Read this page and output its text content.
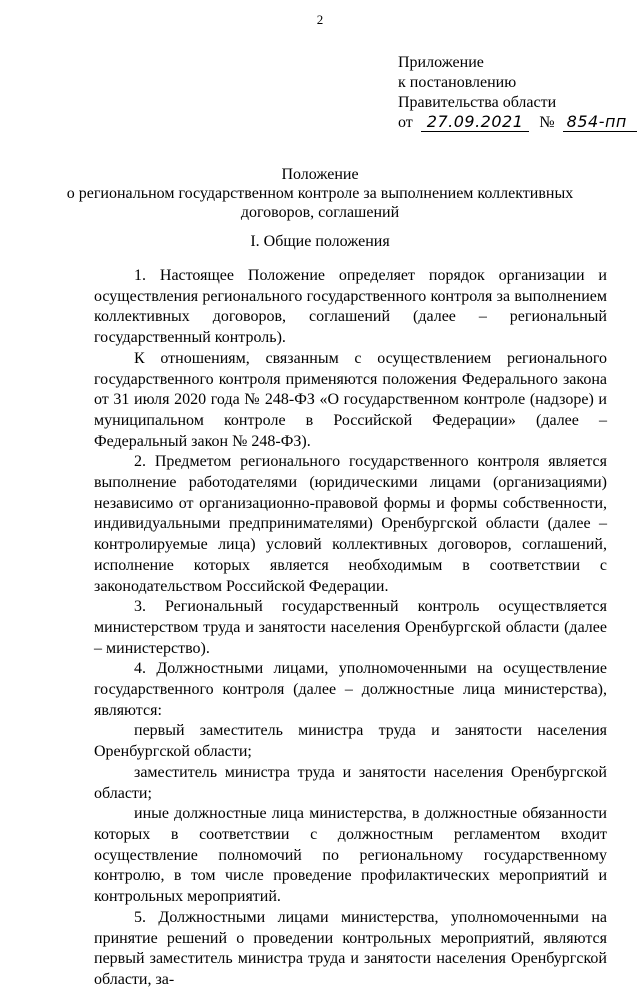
2
Приложение
к постановлению
Правительства области
от 27.09.2021 № 854-пп
Положение
о региональном государственном контроле за выполнением коллективных
договоров, соглашений
I. Общие положения

1. Настоящее Положение определяет порядок организации и осуществления регионального государственного контроля за выполнением коллективных договоров, соглашений (далее – региональный государственный контроль).

К отношениям, связанным с осуществлением регионального государственного контроля применяются положения Федерального закона от 31 июля 2020 года № 248-ФЗ «О государственном контроле (надзоре) и муниципальном контроле в Российской Федерации» (далее – Федеральный закон № 248-ФЗ).

2. Предметом регионального государственного контроля является выполнение работодателями (юридическими лицами (организациями) независимо от организационно-правовой формы и формы собственности, индивидуальными предпринимателями) Оренбургской области (далее – контролируемые лица) условий коллективных договоров, соглашений, исполнение которых является необходимым в соответствии с законодательством Российской Федерации.

3. Региональный государственный контроль осуществляется министерством труда и занятости населения Оренбургской области (далее – министерство).

4. Должностными лицами, уполномоченными на осуществление государственного контроля (далее – должностные лица министерства), являются:

первый заместитель министра труда и занятости населения Оренбургской области;

заместитель министра труда и занятости населения Оренбургской области;

иные должностные лица министерства, в должностные обязанности которых в соответствии с должностным регламентом входит осуществление полномочий по региональному государственному контролю, в том числе проведение профилактических мероприятий и контрольных мероприятий.

5. Должностными лицами министерства, уполномоченными на принятие решений о проведении контрольных мероприятий, являются первый заместитель министра труда и занятости населения Оренбургской области, за-
